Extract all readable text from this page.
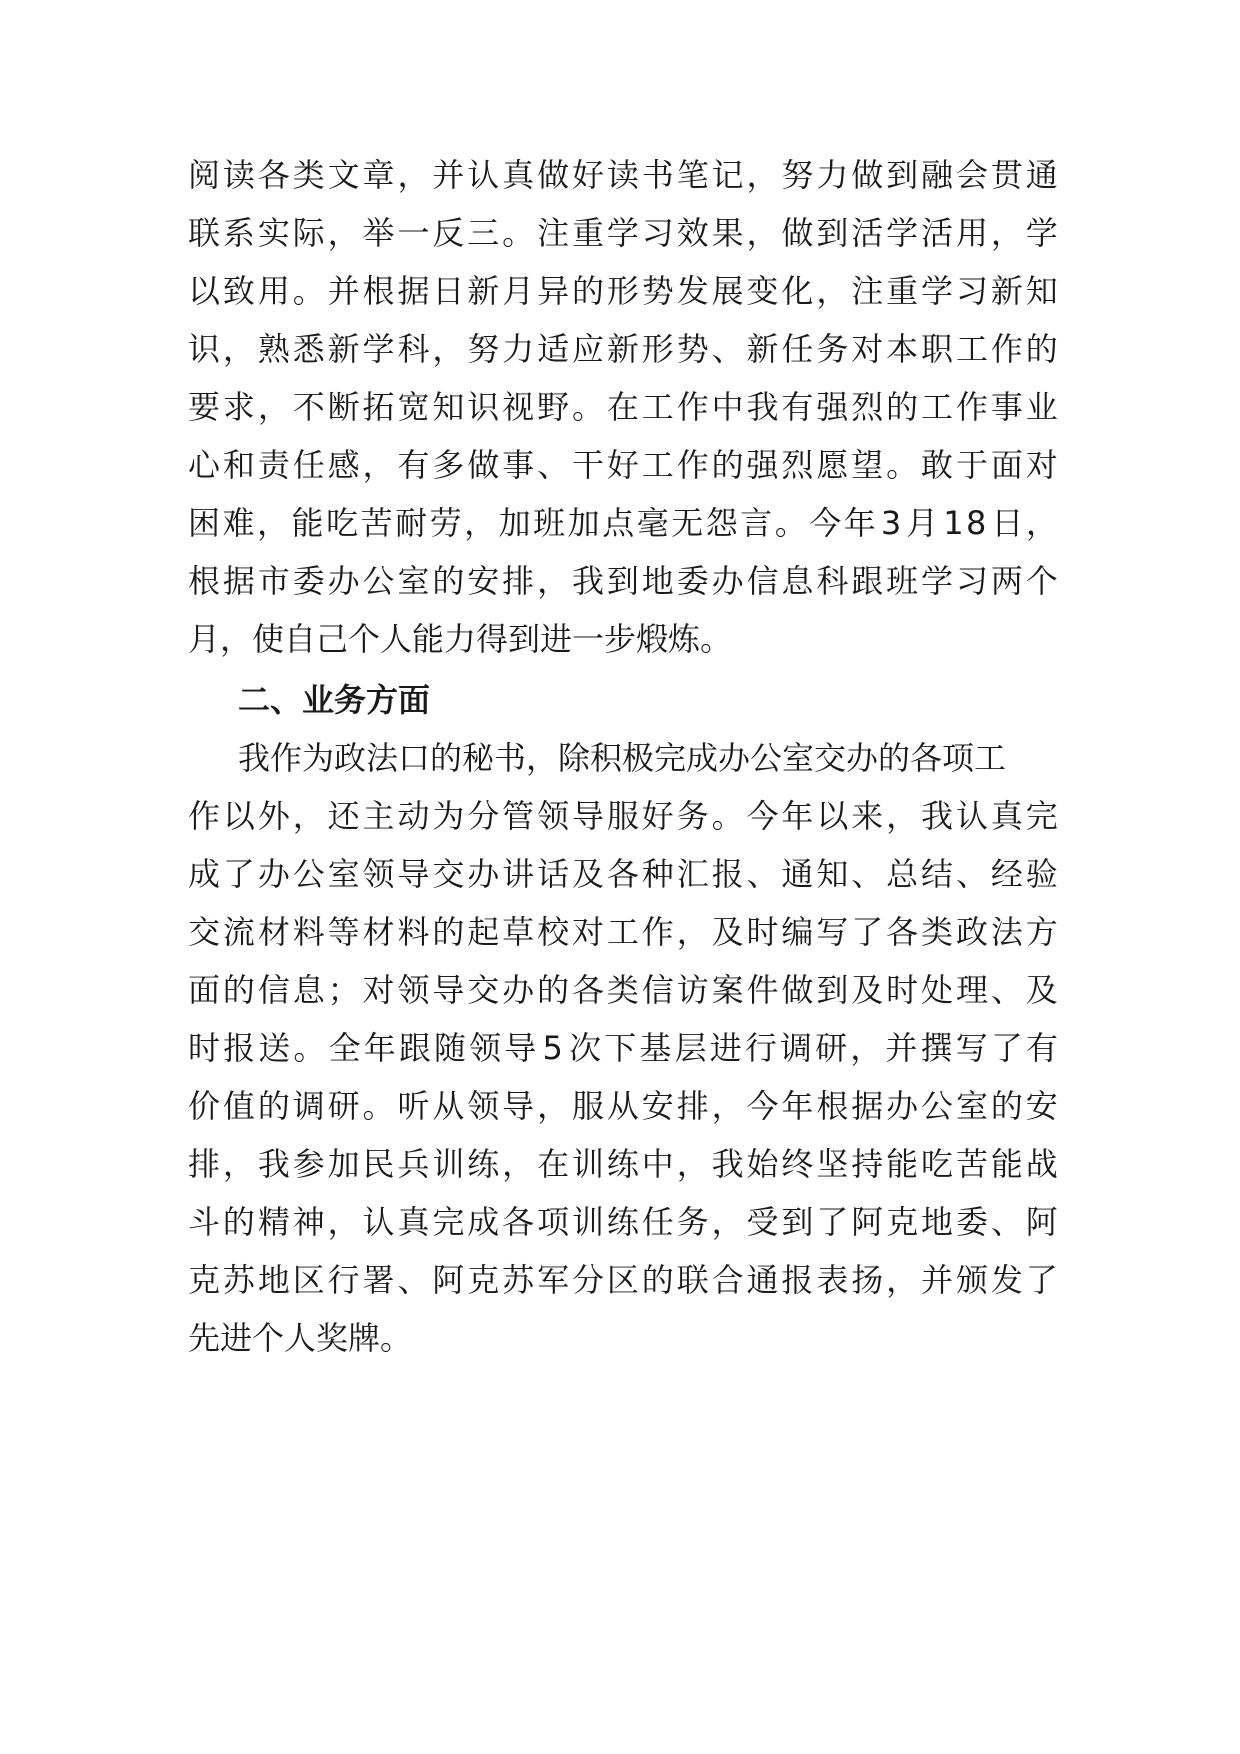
阅 读 各 类 文 章 ， 并 认 真 做 好 读 书 笔 记 ， 努 力 做 到 融 会 贯 通
联 系 实 际 ， 举 一 反 三 。 注 重 学 习 效 果 ， 做 到 活 学 活 用 ， 学
以 致 用 。 并 根 据 日 新 月 异 的 形 势 发 展 变 化 ， 注 重 学 习 新 知
识 ， 熟 悉 新 学 科 ， 努 力 适 应 新 形 势 、 新 任 务 对 本 职 工 作 的
要 求 ， 不 断 拓 宽 知 识 视 野 。 在 工 作 中 我 有 强 烈 的 工 作 事 业
心 和 责 任 感 ， 有 多 做 事 、 干 好 工 作 的 强 烈 愿 望 。 敢 于 面 对
困 难 ， 能 吃 苦 耐 劳 ， 加 班 加 点 毫 无 怨 言 。 今 年 3 月 1 8 日 ，
根 据 市 委 办 公 室 的 安 排 ， 我 到 地 委 办 信 息 科 跟 班 学 习 两 个
月，使自己个人能力得到进一步煅炼。
二、业务方面
我作为政法口的秘书，除积极完成办公室交办的各项工
作 以 外 ， 还 主 动 为 分 管 领 导 服 好 务 。 今 年 以 来 ， 我 认 真 完
成 了 办 公 室 领 导 交 办 讲 话 及 各 种 汇 报 、 通 知 、 总 结 、 经 验
交 流 材 料 等 材 料 的 起 草 校 对 工 作 ， 及 时 编 写 了 各 类 政 法 方
面 的 信 息 ； 对 领 导 交 办 的 各 类 信 访 案 件 做 到 及 时 处 理 、 及
时 报 送 。 全 年 跟 随 领 导 5 次 下 基 层 进 行 调 研 ， 并 撰 写 了 有
价 值 的 调 研 。 听 从 领 导 ， 服 从 安 排 ， 今 年 根 据 办 公 室 的 安
排 ， 我 参 加 民 兵 训 练 ， 在 训 练 中 ， 我 始 终 坚 持 能 吃 苦 能 战
斗 的 精 神 ， 认 真 完 成 各 项 训 练 任 务 ， 受 到 了 阿 克 地 委 、 阿
克 苏 地 区 行 署 、 阿 克 苏 军 分 区 的 联 合 通 报 表 扬 ， 并 颁 发 了
先进个人奖牌。
